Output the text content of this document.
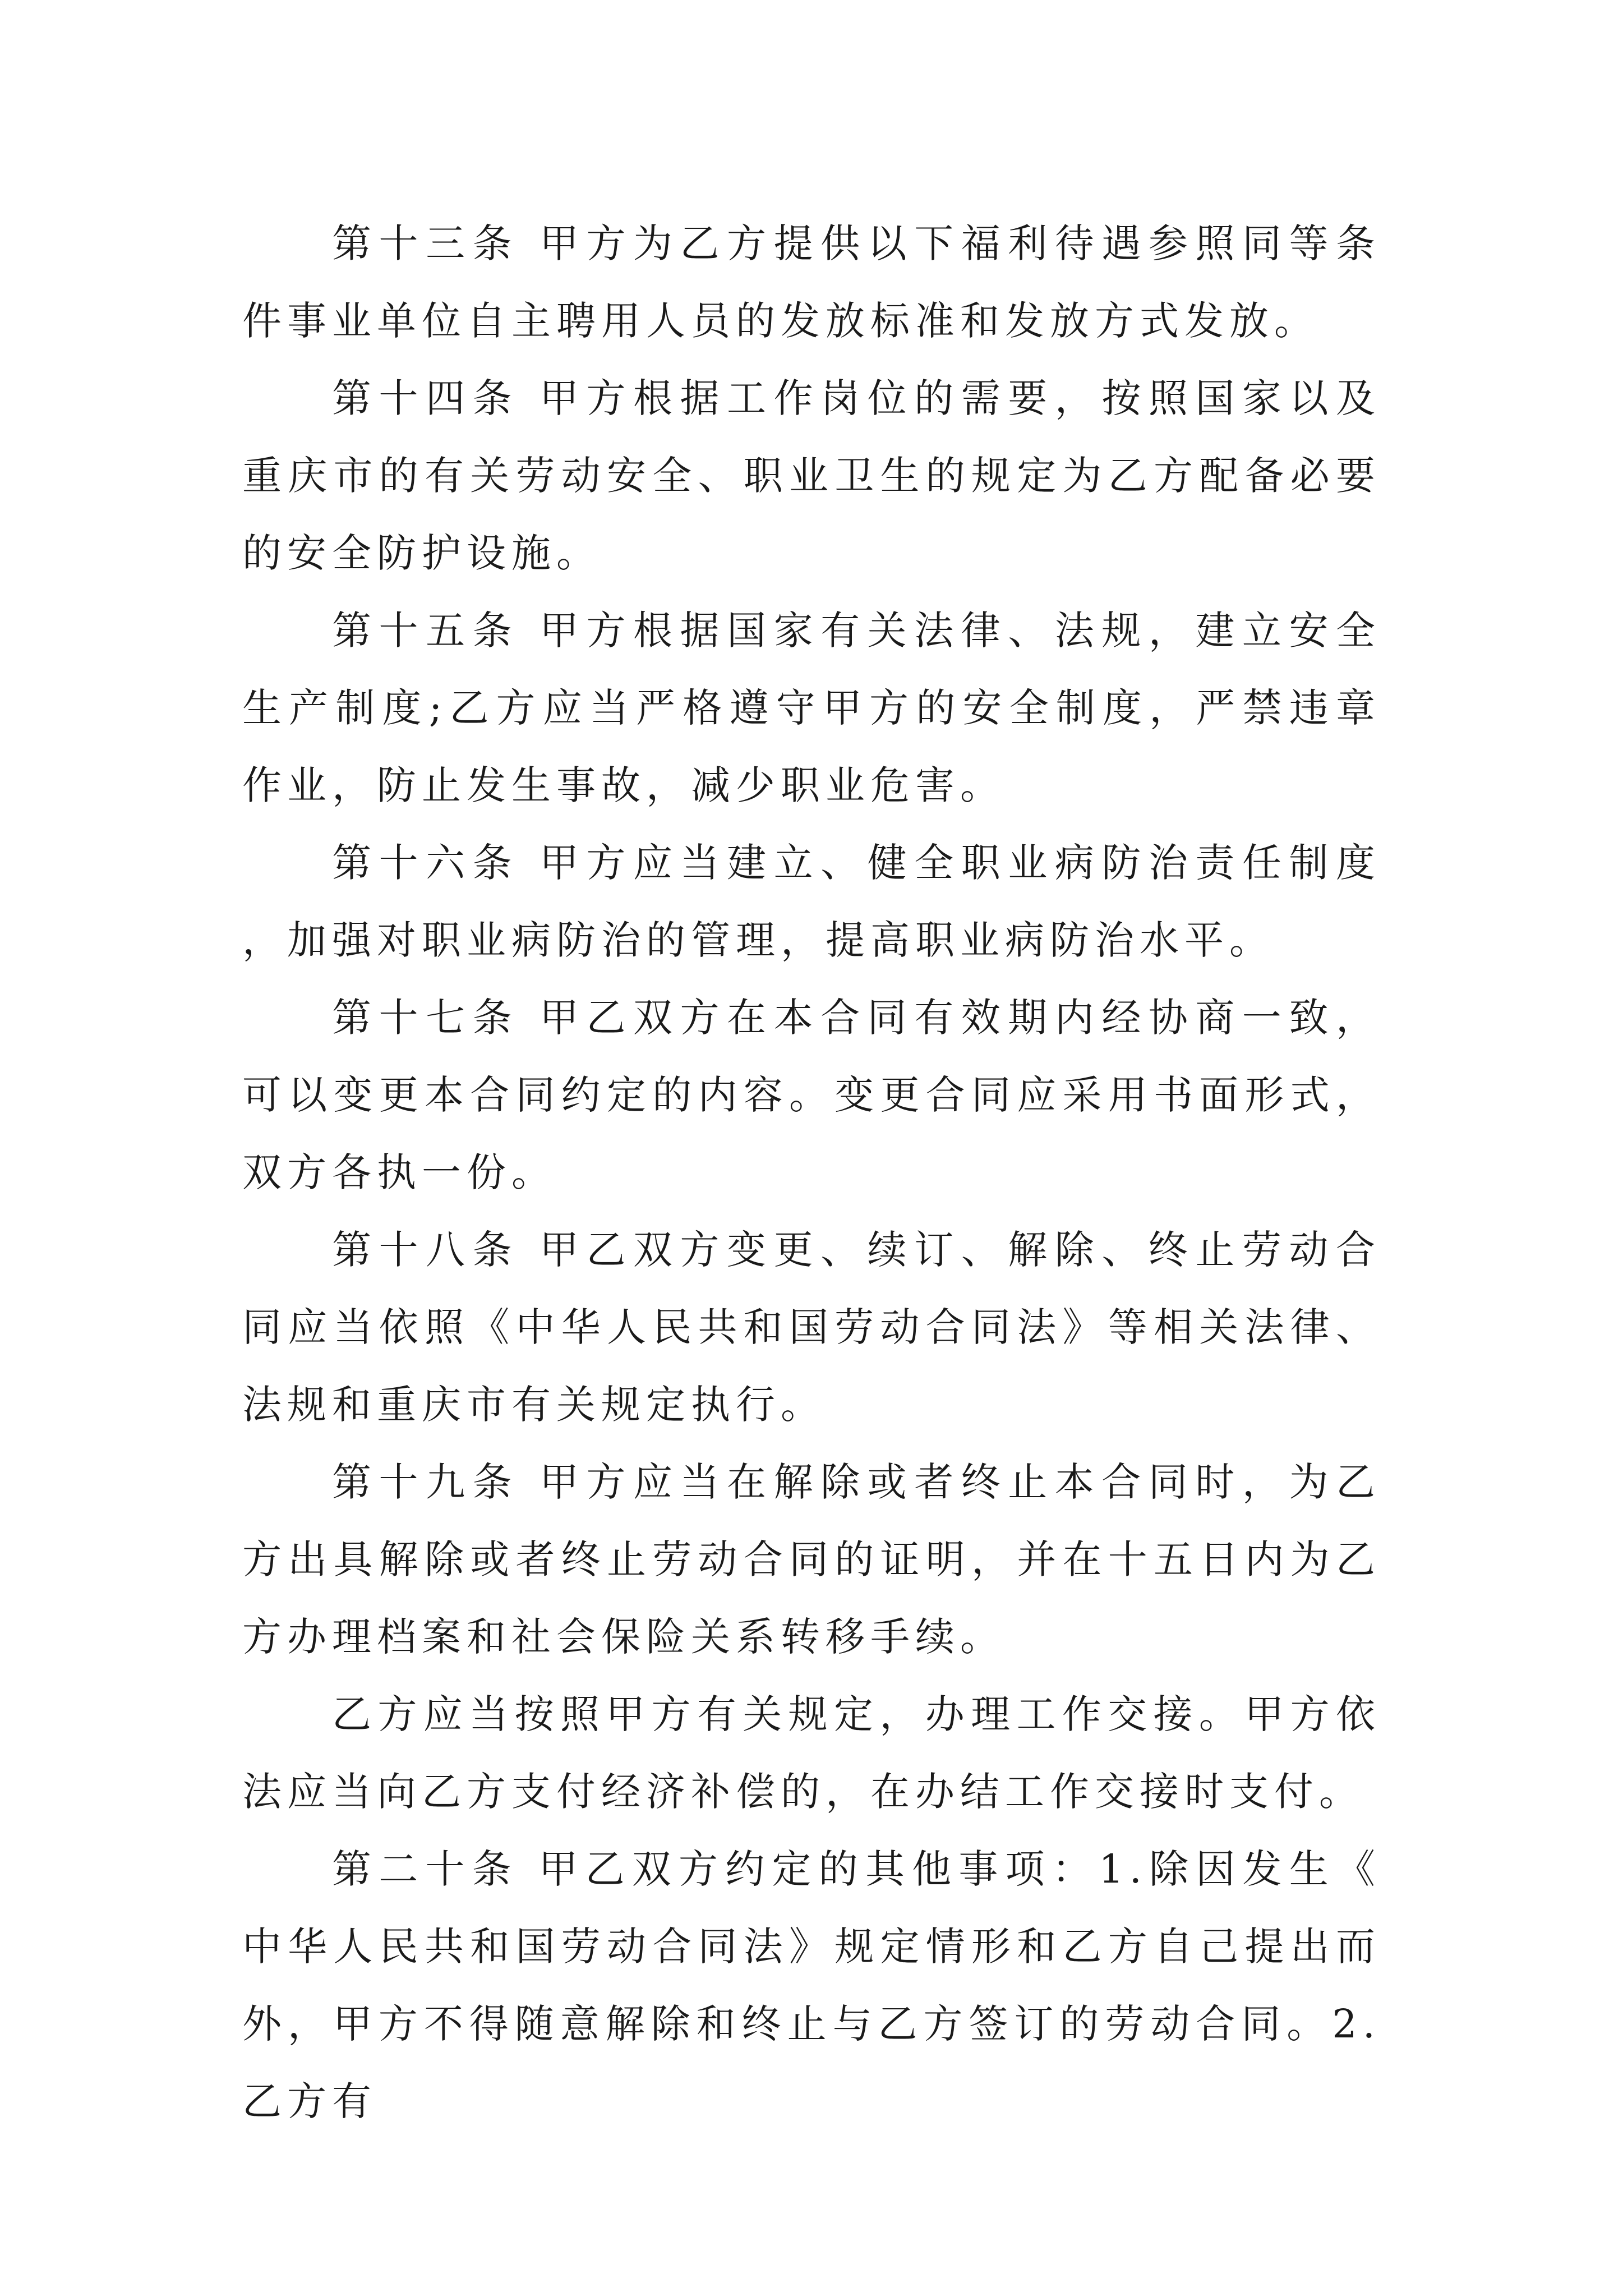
第十三条 甲方为乙方提供以下福利待遇参照同等条件事业单位自主聘用人员的发放标准和发放方式发放。

第十四条 甲方根据工作岗位的需要，按照国家以及重庆市的有关劳动安全、职业卫生的规定为乙方配备必要的安全防护设施。

第十五条 甲方根据国家有关法律、法规，建立安全生产制度;乙方应当严格遵守甲方的安全制度，严禁违章作业，防止发生事故，减少职业危害。

第十六条 甲方应当建立、健全职业病防治责任制度，加强对职业病防治的管理，提高职业病防治水平。

第十七条 甲乙双方在本合同有效期内经协商一致，可以变更本合同约定的内容。变更合同应采用书面形式，双方各执一份。

第十八条 甲乙双方变更、续订、解除、终止劳动合同应当依照《中华人民共和国劳动合同法》等相关法律、法规和重庆市有关规定执行。

第十九条 甲方应当在解除或者终止本合同时，为乙方出具解除或者终止劳动合同的证明，并在十五日内为乙方办理档案和社会保险关系转移手续。

乙方应当按照甲方有关规定，办理工作交接。甲方依法应当向乙方支付经济补偿的，在办结工作交接时支付。

第二十条 甲乙双方约定的其他事项：1.除因发生《中华人民共和国劳动合同法》规定情形和乙方自己提出而外，甲方不得随意解除和终止与乙方签订的劳动合同。2.乙方有
